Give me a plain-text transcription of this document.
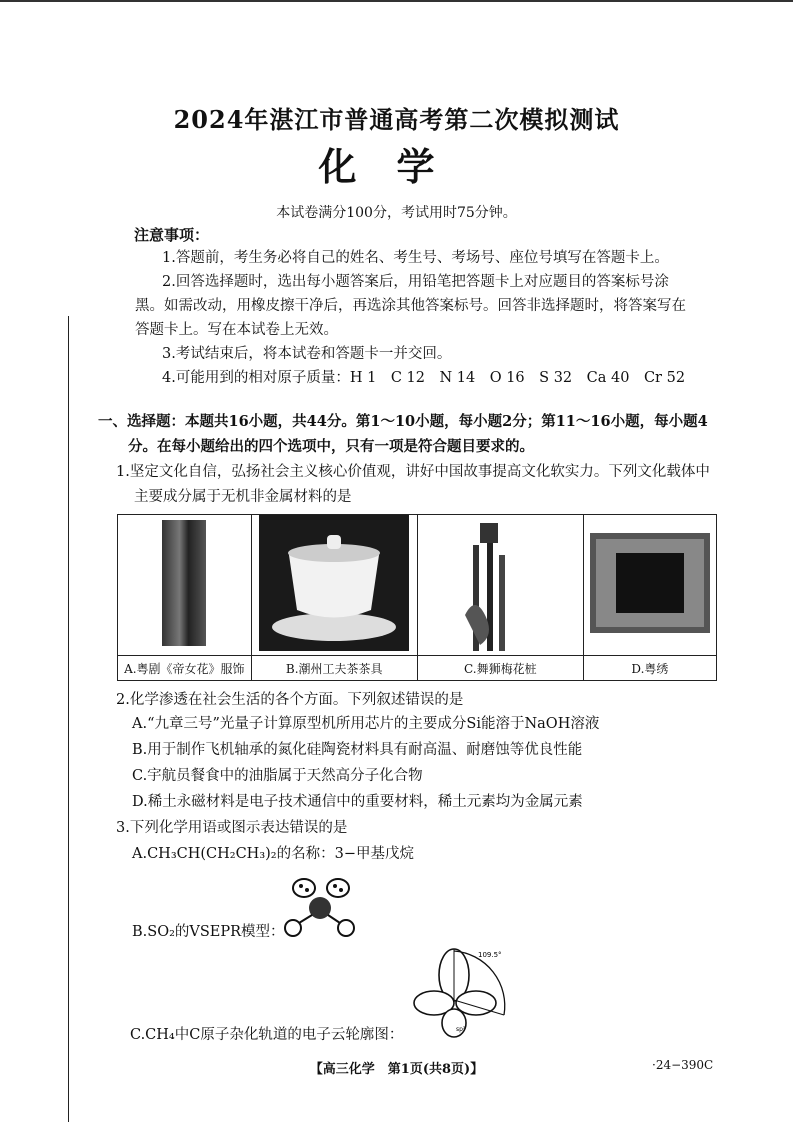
2024年湛江市普通高考第二次模拟测试
化学
本试卷满分100分，考试用时75分钟。
注意事项：
1.答题前，考生务必将自己的姓名、考生号、考场号、座位号填写在答题卡上。
2.回答选择题时，选出每小题答案后，用铅笔把答题卡上对应题目的答案标号涂
黑。如需改动，用橡皮擦干净后，再选涂其他答案标号。回答非选择题时，将答案写在
答题卡上。写在本试卷上无效。
3.考试结束后，将本试卷和答题卡一并交回。
4.可能用到的相对原子质量：H 1　C 12　N 14　O 16　S 32　Ca 40　Cr 52
一、选择题：本题共16小题，共44分。第1～10小题，每小题2分；第11～16小题，每小题4
分。在每小题给出的四个选项中，只有一项是符合题目要求的。
1.坚定文化自信，弘扬社会主义核心价值观，讲好中国故事提高文化软实力。下列文化载体中
主要成分属于无机非金属材料的是

A.粤剧《帝女花》服饰	B.潮州工夫茶茶具	C.舞狮梅花桩	D.粤绣
2.化学渗透在社会生活的各个方面。下列叙述错误的是
A.“九章三号”光量子计算原型机所用芯片的主要成分Si能溶于NaOH溶液
B.用于制作飞机轴承的氮化硅陶瓷材料具有耐高温、耐磨蚀等优良性能
C.宇航员餐食中的油脂属于天然高分子化合物
D.稀土永磁材料是电子技术通信中的重要材料，稀土元素均为金属元素
3.下列化学用语或图示表达错误的是
A.CH₃CH(CH₂CH₃)₂的名称：3−甲基戊烷
B.SO₂的VSEPR模型：
C.CH₄中C原子杂化轨道的电子云轮廓图：
109.5°
sp³
【高三化学　第1页(共8页)】	·24−390C
